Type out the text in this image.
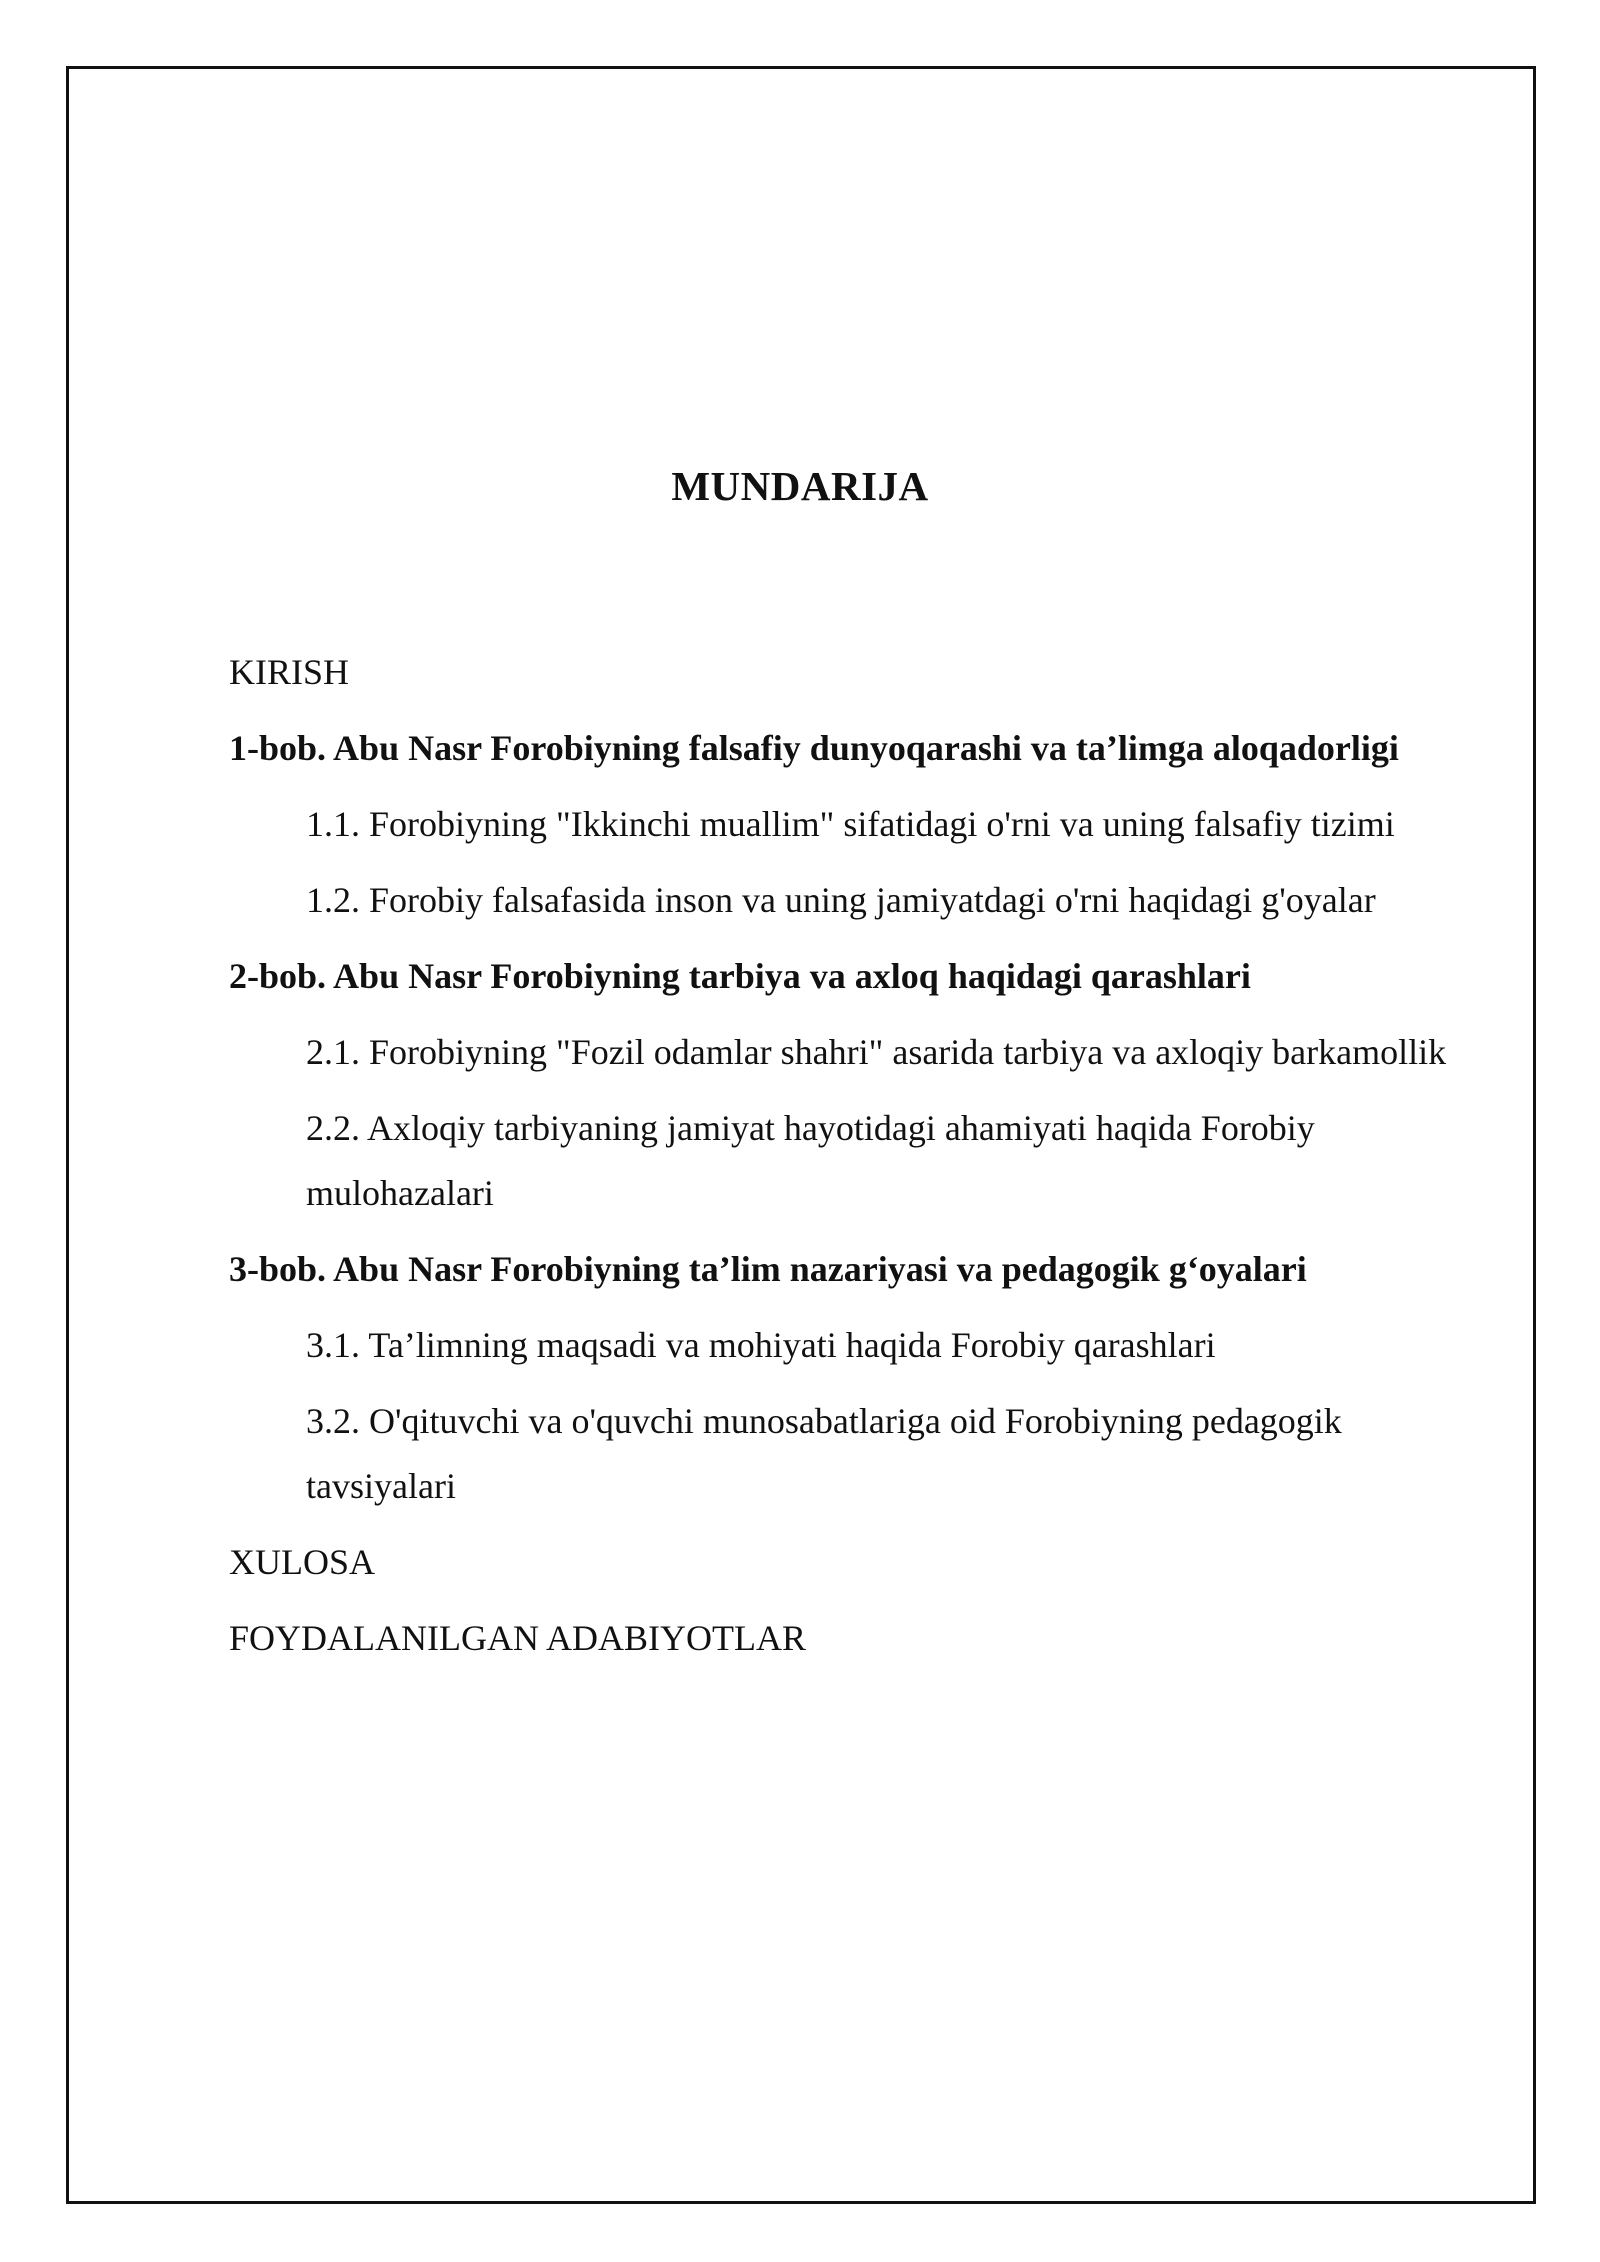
MUNDARIJA
KIRISH
1-bob. Abu Nasr Forobiyning falsafiy dunyoqarashi va ta’limga aloqadorligi
1.1. Forobiyning "Ikkinchi muallim" sifatidagi o'rni va uning falsafiy tizimi
1.2. Forobiy falsafasida inson va uning jamiyatdagi o'rni haqidagi g'oyalar
2-bob. Abu Nasr Forobiyning tarbiya va axloq haqidagi qarashlari
2.1. Forobiyning "Fozil odamlar shahri" asarida tarbiya va axloqiy barkamollik
2.2. Axloqiy tarbiyaning jamiyat hayotidagi ahamiyati haqida Forobiy mulohazalari
3-bob. Abu Nasr Forobiyning ta’lim nazariyasi va pedagogik g‘oyalari
3.1. Ta’limning maqsadi va mohiyati haqida Forobiy qarashlari
3.2. O'qituvchi va o'quvchi munosabatlariga oid Forobiyning pedagogik tavsiyalari
XULOSA
FOYDALANILGAN ADABIYOTLAR
